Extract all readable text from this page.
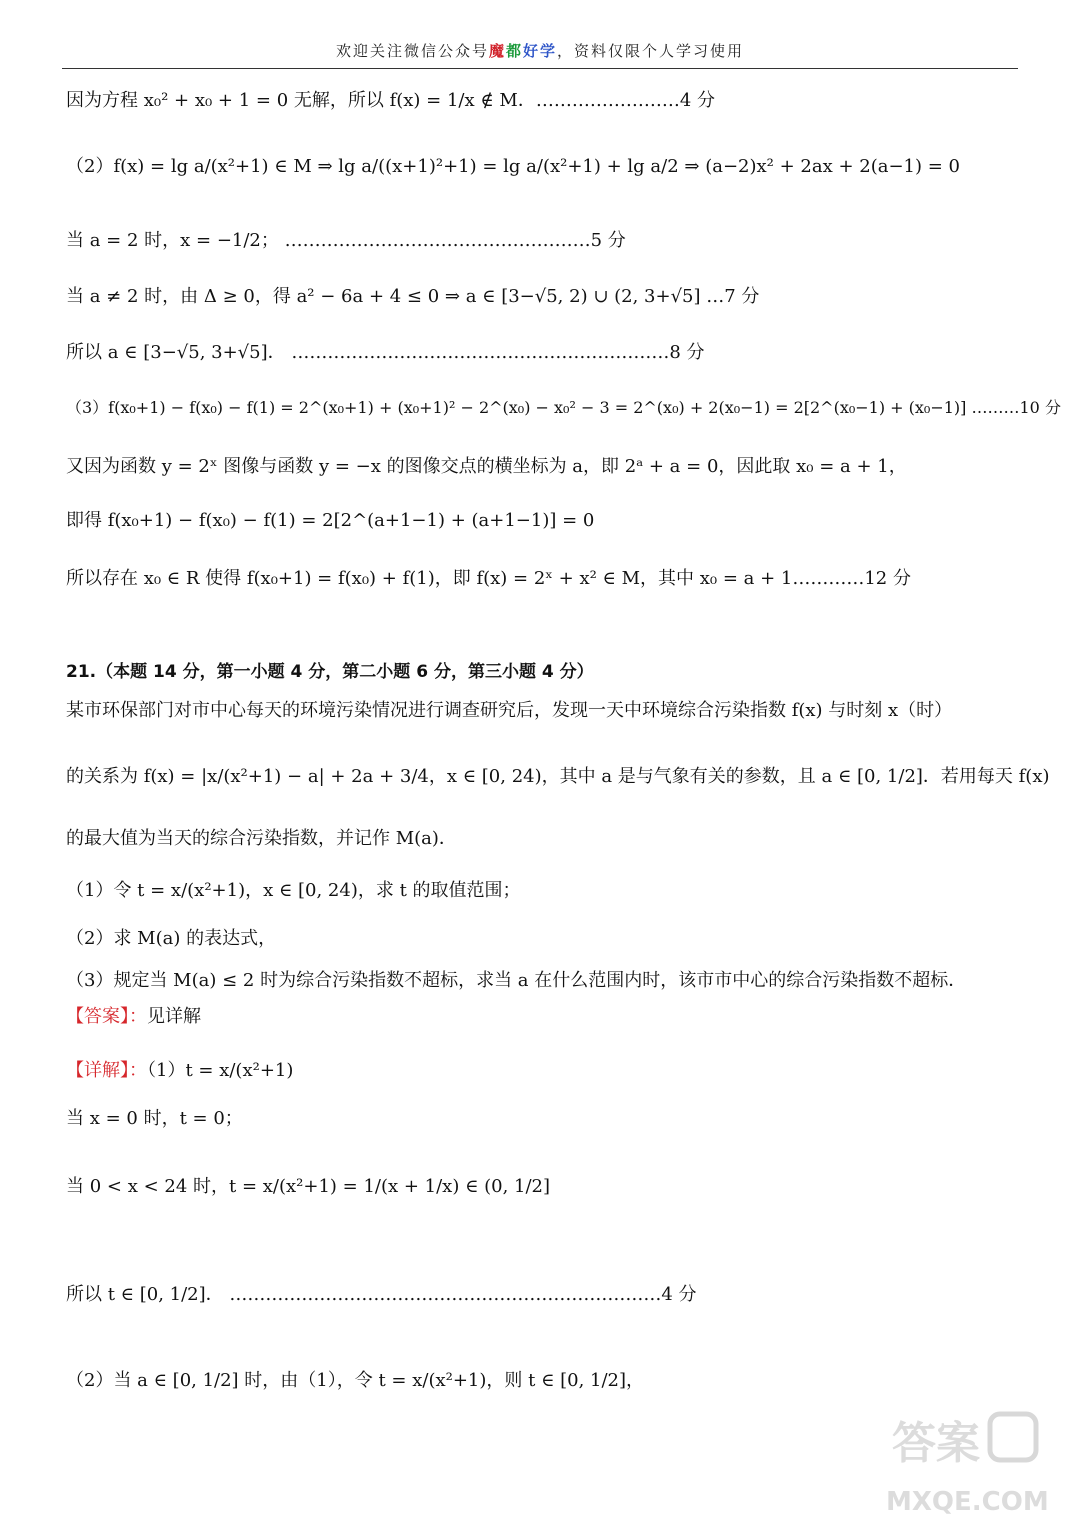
欢迎关注微信公众号魔都好学，资料仅限个人学习使用
因为方程 x₀² + x₀ + 1 = 0 无解，所以 f(x) = 1/x ∉ M．……………………4 分
（2）f(x) = lg a/(x²+1) ∈ M ⇒ lg a/((x+1)²+1) = lg a/(x²+1) + lg a/2 ⇒ (a−2)x² + 2ax + 2(a−1) = 0
当 a = 2 时，x = −1/2； ……………………………………………5 分
当 a ≠ 2 时，由 Δ ≥ 0，得 a² − 6a + 4 ≤ 0 ⇒ a ∈ [3−√5, 2) ∪ (2, 3+√5] …7 分
所以 a ∈ [3−√5, 3+√5]． ………………………………………………………8 分
（3）f(x₀+1) − f(x₀) − f(1) = 2^(x₀+1) + (x₀+1)² − 2^(x₀) − x₀² − 3 = 2^(x₀) + 2(x₀−1) = 2[2^(x₀−1) + (x₀−1)] ………10 分
又因为函数 y = 2ˣ 图像与函数 y = −x 的图像交点的横坐标为 a，即 2ᵃ + a = 0，因此取 x₀ = a + 1，
即得 f(x₀+1) − f(x₀) − f(1) = 2[2^(a+1−1) + (a+1−1)] = 0
所以存在 x₀ ∈ R 使得 f(x₀+1) = f(x₀) + f(1)，即 f(x) = 2ˣ + x² ∈ M，其中 x₀ = a + 1…………12 分
21.（本题 14 分，第一小题 4 分，第二小题 6 分，第三小题 4 分）
某市环保部门对市中心每天的环境污染情况进行调查研究后，发现一天中环境综合污染指数 f(x) 与时刻 x（时）
的关系为 f(x) = |x/(x²+1) − a| + 2a + 3/4，x ∈ [0, 24)，其中 a 是与气象有关的参数，且 a ∈ [0, 1/2]．若用每天 f(x)
的最大值为当天的综合污染指数，并记作 M(a)．
（1）令 t = x/(x²+1)，x ∈ [0, 24)，求 t 的取值范围；
（2）求 M(a) 的表达式，
（3）规定当 M(a) ≤ 2 时为综合污染指数不超标，求当 a 在什么范围内时，该市市中心的综合污染指数不超标．
【答案】：见详解
【详解】：（1）t = x/(x²+1)
当 x = 0 时，t = 0；
当 0 < x < 24 时，t = x/(x²+1) = 1/(x + 1/x) ∈ (0, 1/2]
所以 t ∈ [0, 1/2]． ………………………………………………………………4 分
（2）当 a ∈ [0, 1/2] 时，由（1），令 t = x/(x²+1)，则 t ∈ [0, 1/2]，
答案
MXQE.COM
